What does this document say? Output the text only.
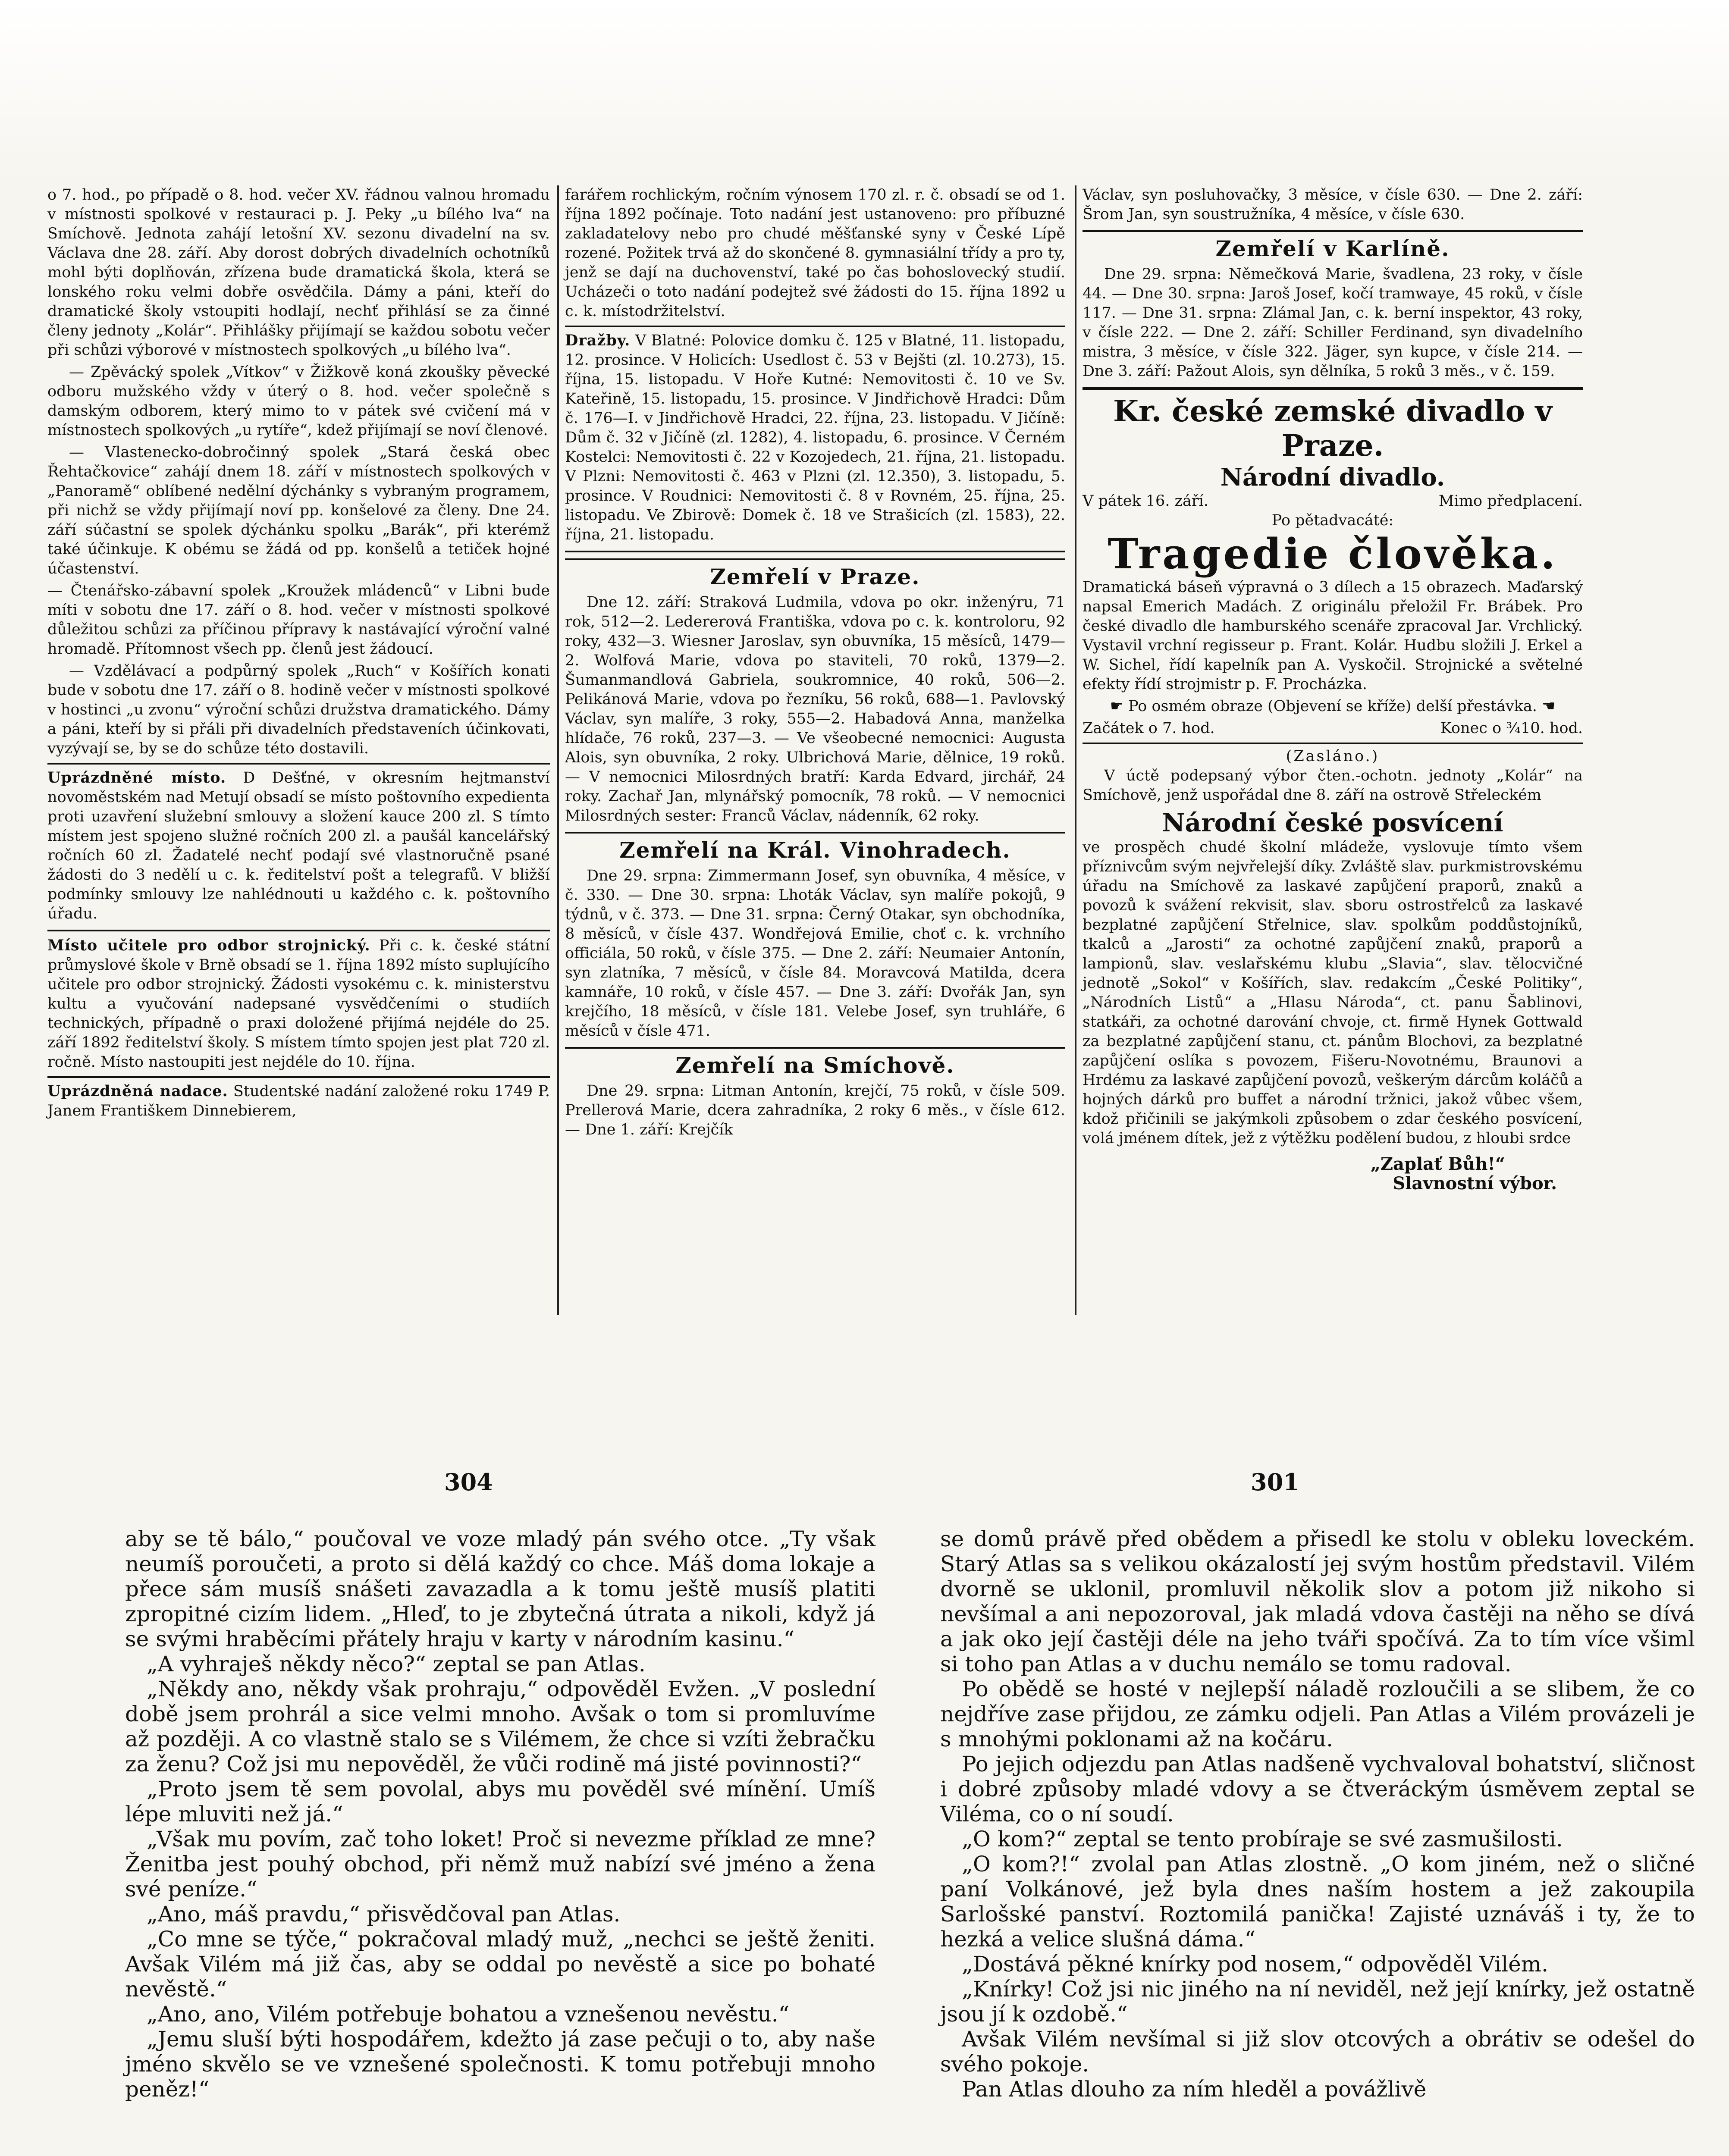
o 7. hod., po případě o 8. hod. večer XV. řádnou valnou hromadu v místnosti spolkové v restauraci p. J. Peky „u bílého lva“ na Smíchově. Jednota zahájí letošní XV. sezonu divadelní na sv. Václava dne 28. září. Aby dorost dobrých divadelních ochotníků mohl býti doplňován, zřízena bude dramatická škola, která se lonského roku velmi dobře osvědčila. Dámy a páni, kteří do dramatické školy vstoupiti hodlají, nechť přihlásí se za činné členy jednoty „Kolár“. Přihlášky přijímají se každou sobotu večer při schůzi výborové v místnostech spolkových „u bílého lva“.

— Zpěvácký spolek „Vítkov“ v Žižkově koná zkoušky pěvecké odboru mužského vždy v úterý o 8. hod. večer společně s damským odborem, který mimo to v pátek své cvičení má v místnostech spolkových „u rytíře“, kdež přijímají se noví členové.

— Vlastenecko-dobročinný spolek „Stará česká obec Řehtačkovice“ zahájí dnem 18. září v místnostech spolkových v „Panoramě“ oblíbené nedělní dýchánky s vybraným programem, při nichž se vždy přijímají noví pp. konšelové za členy. Dne 24. září súčastní se spolek dýchánku spolku „Barák“, při kterémž také účinkuje. K obému se žádá od pp. konšelů a tetiček hojné účastenství.

— Čtenářsko-zábavní spolek „Kroužek mládenců“ v Libni bude míti v sobotu dne 17. září o 8. hod. večer v místnosti spolkové důležitou schůzi za příčinou přípravy k nastávající výroční valné hromadě. Přítomnost všech pp. členů jest žádoucí.

— Vzdělávací a podpůrný spolek „Ruch“ v Košířích konati bude v sobotu dne 17. září o 8. hodině večer v místnosti spolkové v hostinci „u zvonu“ výroční schůzi družstva dramatického. Dámy a páni, kteří by si přáli při divadelních představeních účinkovati, vyzývají se, by se do schůze této dostavili.

Uprázdněné místo. D Dešťné, v okresním hejtmanství novoměstském nad Metují obsadí se místo poštovního expedienta proti uzavření služební smlouvy a složení kauce 200 zl. S tímto místem jest spojeno služné ročních 200 zl. a paušál kancelářský ročních 60 zl. Žadatelé nechť podají své vlastnoručně psané žádosti do 3 nedělí u c. k. ředitelství pošt a telegrafů. V bližší podmínky smlouvy lze nahlédnouti u každého c. k. poštovního úřadu.

Místo učitele pro odbor strojnický. Při c. k. české státní průmyslové škole v Brně obsadí se 1. října 1892 místo suplujícího učitele pro odbor strojnický. Žádosti vysokému c. k. ministerstvu kultu a vyučování nadepsané vysvědčeními o studiích technických, případně o praxi doložené přijímá nejdéle do 25. září 1892 ředitelství školy. S místem tímto spojen jest plat 720 zl. ročně. Místo nastoupiti jest nejdéle do 10. října.

Uprázdněná nadace. Studentské nadání založené roku 1749 P. Janem Františkem Dinnebierem,

farářem rochlickým, ročním výnosem 170 zl. r. č. obsadí se od 1. října 1892 počínaje. Toto nadání jest ustanoveno: pro příbuzné zakladatelovy nebo pro chudé měšťanské syny v České Lípě rozené. Požitek trvá až do skončené 8. gymnasiální třídy a pro ty, jenž se dají na duchovenství, také po čas bohoslovecký studií. Ucházeči o toto nadání podejtež své žádosti do 15. října 1892 u c. k. místodržitelství.

Dražby. V Blatné: Polovice domku č. 125 v Blatné, 11. listopadu, 12. prosince. V Holicích: Usedlost č. 53 v Bejšti (zl. 10.273), 15. října, 15. listopadu. V Hoře Kutné: Nemovitosti č. 10 ve Sv. Kateřině, 15. listopadu, 15. prosince. V Jindřichově Hradci: Dům č. 176—I. v Jindřichově Hradci, 22. října, 23. listopadu. V Jičíně: Dům č. 32 v Jičíně (zl. 1282), 4. listopadu, 6. prosince. V Černém Kostelci: Nemovitosti č. 22 v Kozojedech, 21. října, 21. listopadu. V Plzni: Nemovitosti č. 463 v Plzni (zl. 12.350), 3. listopadu, 5. prosince. V Roudnici: Nemovitosti č. 8 v Rovném, 25. října, 25. listopadu. Ve Zbirově: Domek č. 18 ve Strašicích (zl. 1583), 22. října, 21. listopadu.

Zemřelí v Praze.

Dne 12. září: Straková Ludmila, vdova po okr. inženýru, 71 rok, 512—2. Ledererová Františka, vdova po c. k. kontroloru, 92 roky, 432—3. Wiesner Jaroslav, syn obuvníka, 15 měsíců, 1479—2. Wolfová Marie, vdova po staviteli, 70 roků, 1379—2. Šumanmandlová Gabriela, soukromnice, 40 roků, 506—2. Pelikánová Marie, vdova po řezníku, 56 roků, 688—1. Pavlovský Václav, syn malíře, 3 roky, 555—2. Habadová Anna, manželka hlídače, 76 roků, 237—3. — Ve všeobecné nemocnici: Augusta Alois, syn obuvníka, 2 roky. Ulbrichová Marie, dělnice, 19 roků. — V nemocnici Milosrdných bratří: Karda Edvard, jirchář, 24 roky. Zachař Jan, mlynářský pomocník, 78 roků. — V nemocnici Milosrdných sester: Franců Václav, nádenník, 62 roky.

Zemřelí na Král. Vinohradech.

Dne 29. srpna: Zimmermann Josef, syn obuvníka, 4 měsíce, v č. 330. — Dne 30. srpna: Lhoták Václav, syn malíře pokojů, 9 týdnů, v č. 373. — Dne 31. srpna: Černý Otakar, syn obchodníka, 8 měsíců, v čísle 437. Wondřejová Emilie, choť c. k. vrchního officiála, 50 roků, v čísle 375. — Dne 2. září: Neumaier Antonín, syn zlatníka, 7 měsíců, v čísle 84. Moravcová Matilda, dcera kamnáře, 10 roků, v čísle 457. — Dne 3. září: Dvořák Jan, syn krejčího, 18 měsíců, v čísle 181. Velebe Josef, syn truhláře, 6 měsíců v čísle 471.

Zemřelí na Smíchově.

Dne 29. srpna: Litman Antonín, krejčí, 75 roků, v čísle 509. Prellerová Marie, dcera zahradníka, 2 roky 6 měs., v čísle 612. — Dne 1. září: Krejčík

Václav, syn posluhovačky, 3 měsíce, v čísle 630. — Dne 2. září: Šrom Jan, syn soustružníka, 4 měsíce, v čísle 630.

Zemřelí v Karlíně.

Dne 29. srpna: Němečková Marie, švadlena, 23 roky, v čísle 44. — Dne 30. srpna: Jaroš Josef, kočí tramwaye, 45 roků, v čísle 117. — Dne 31. srpna: Zlámal Jan, c. k. berní inspektor, 43 roky, v čísle 222. — Dne 2. září: Schiller Ferdinand, syn divadelního mistra, 3 měsíce, v čísle 322. Jäger, syn kupce, v čísle 214. — Dne 3. září: Pažout Alois, syn dělníka, 5 roků 3 měs., v č. 159.

Kr. české zemské divadlo v Praze.
Národní divadlo.
V pátek 16. září.	Mimo předplacení.
Po pětadvacáté:
Tragedie člověka.

Dramatická báseň výpravná o 3 dílech a 15 obrazech. Maďarský napsal Emerich Madách. Z originálu přeložil Fr. Brábek. Pro české divadlo dle hamburského scenáře zpracoval Jar. Vrchlický. Vystavil vrchní regisseur p. Frant. Kolár. Hudbu složili J. Erkel a W. Sichel, řídí kapelník pan A. Vyskočil. Strojnické a světelné efekty řídí strojmistr p. F. Procházka.

☛ Po osmém obraze (Objevení se kříže) delší přestávka. ☚

Začátek o 7. hod.	Konec o ¾10. hod.
(Zasláno.)

V úctě podepsaný výbor čten.-ochotn. jednoty „Kolár“ na Smíchově, jenž uspořádal dne 8. září na ostrově Střeleckém

Národní české posvícení

ve prospěch chudé školní mládeže, vyslovuje tímto všem příznivcům svým nejvřelejší díky. Zvláště slav. purkmistrovskému úřadu na Smíchově za laskavé zapůjčení praporů, znaků a povozů k svážení rekvisit, slav. sboru ostrostřelců za laskavé bezplatné zapůjčení Střelnice, slav. spolkům poddůstojníků, tkalců a „Jarosti“ za ochotné zapůjčení znaků, praporů a lampionů, slav. veslařskému klubu „Slavia“, slav. tělocvičné jednotě „Sokol“ v Košířích, slav. redakcím „České Politiky“, „Národních Listů“ a „Hlasu Národa“, ct. panu Šablinovi, statkáři, za ochotné darování chvoje, ct. firmě Hynek Gottwald za bezplatné zapůjčení stanu, ct. pánům Blochovi, za bezplatné zapůjčení oslíka s povozem, Fišeru-Novotnému, Braunovi a Hrdému za laskavé zapůjčení povozů, veškerým dárcům koláčů a hojných dárků pro buffet a národní tržnici, jakož vůbec všem, kdož přičinili se jakýmkoli způsobem o zdar českého posvícení, volá jménem dítek, jež z výtěžku podělení budou, z hloubi srdce

„Zaplať Bůh!“
Slavnostní výbor.
304	301

aby se tě bálo,“ poučoval ve voze mladý pán svého otce. „Ty však neumíš poroučeti, a proto si dělá každý co chce. Máš doma lokaje a přece sám musíš snášeti zavazadla a k tomu ještě musíš platiti zpropitné cizím lidem. „Hleď, to je zbytečná útrata a nikoli, když já se svými hraběcími přátely hraju v karty v národním kasinu.“

„A vyhraješ někdy něco?“ zeptal se pan Atlas.

„Někdy ano, někdy však prohraju,“ odpověděl Evžen. „V poslední době jsem prohrál a sice velmi mnoho. Avšak o tom si promluvíme až později. A co vlastně stalo se s Vilémem, že chce si vzíti žebračku za ženu? Což jsi mu nepověděl, že vůči rodině má jisté povinnosti?“

„Proto jsem tě sem povolal, abys mu pověděl své mínění. Umíš lépe mluviti než já.“

„Však mu povím, zač toho loket! Proč si nevezme příklad ze mne? Ženitba jest pouhý obchod, při němž muž nabízí své jméno a žena své peníze.“

„Ano, máš pravdu,“ přisvědčoval pan Atlas.

„Co mne se týče,“ pokračoval mladý muž, „nechci se ještě ženiti. Avšak Vilém má již čas, aby se oddal po nevěstě a sice po bohaté nevěstě.“

„Ano, ano, Vilém potřebuje bohatou a vznešenou nevěstu.“

„Jemu sluší býti hospodářem, kdežto já zase pečuji o to, aby naše jméno skvělo se ve vznešené společnosti. K tomu potřebuji mnoho peněz!“

se domů právě před obědem a přisedl ke stolu v obleku loveckém. Starý Atlas sa s velikou okázalostí jej svým hostům představil. Vilém dvorně se uklonil, promluvil několik slov a potom již nikoho si nevšímal a ani nepozoroval, jak mladá vdova častěji na něho se dívá a jak oko její častěji déle na jeho tváři spočívá. Za to tím více všiml si toho pan Atlas a v duchu nemálo se tomu radoval.

Po obědě se hosté v nejlepší náladě rozloučili a se slibem, že co nejdříve zase přijdou, ze zámku odjeli. Pan Atlas a Vilém provázeli je s mnohými poklonami až na kočáru.

Po jejich odjezdu pan Atlas nadšeně vychvaloval bohatství, sličnost i dobré způsoby mladé vdovy a se čtveráckým úsměvem zeptal se Viléma, co o ní soudí.

„O kom?“ zeptal se tento probíraje se své zasmušilosti.

„O kom?!“ zvolal pan Atlas zlostně. „O kom jiném, než o sličné paní Volkánové, jež byla dnes naším hostem a jež zakoupila Sarlošské panství. Roztomilá panička! Zajisté uznáváš i ty, že to hezká a velice slušná dáma.“

„Dostává pěkné knírky pod nosem,“ odpověděl Vilém.

„Knírky! Což jsi nic jiného na ní neviděl, než její knírky, jež ostatně jsou jí k ozdobě.“

Avšak Vilém nevšímal si již slov otcových a obrátiv se odešel do svého pokoje.

Pan Atlas dlouho za ním hleděl a povážlivě
